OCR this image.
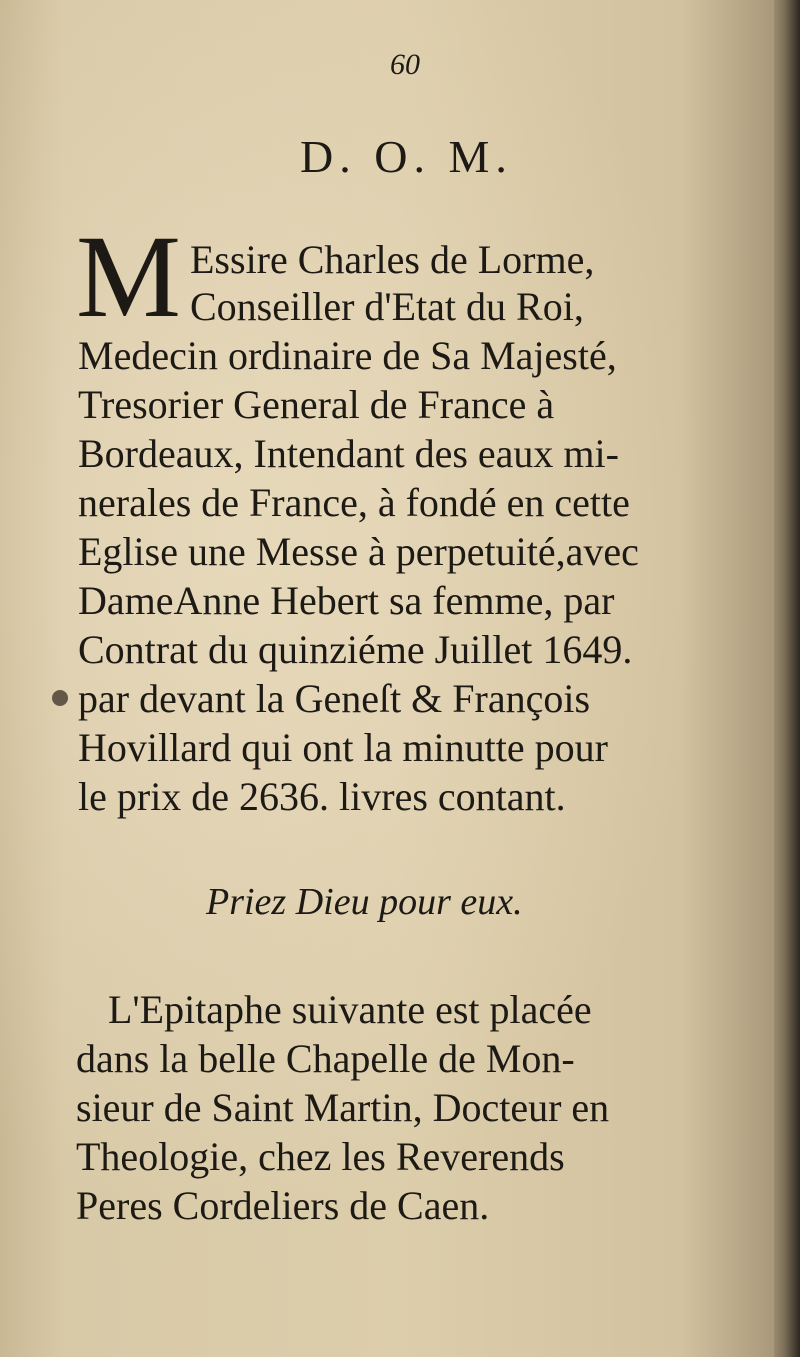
60
D. O. M.
M Essire Charles de Lorme,
Conseiller d'Etat du Roi,
Medecin ordinaire de Sa Majesté,
Tresorier General de France à
Bordeaux, Intendant des eaux mi-
nerales de France, à fondé en cette
Eglise une Messe à perpetuité,avec
DameAnne Hebert sa femme, par
Contrat du quinziéme Juillet 1649.
par devant la Geneſt & François
Hovillard qui ont la minutte pour
le prix de 2636. livres contant.
Priez Dieu pour eux.
L'Epitaphe suivante est placée
dans la belle Chapelle de Mon-
sieur de Saint Martin, Docteur en
Theologie, chez les Reverends
Peres Cordeliers de Caen.
